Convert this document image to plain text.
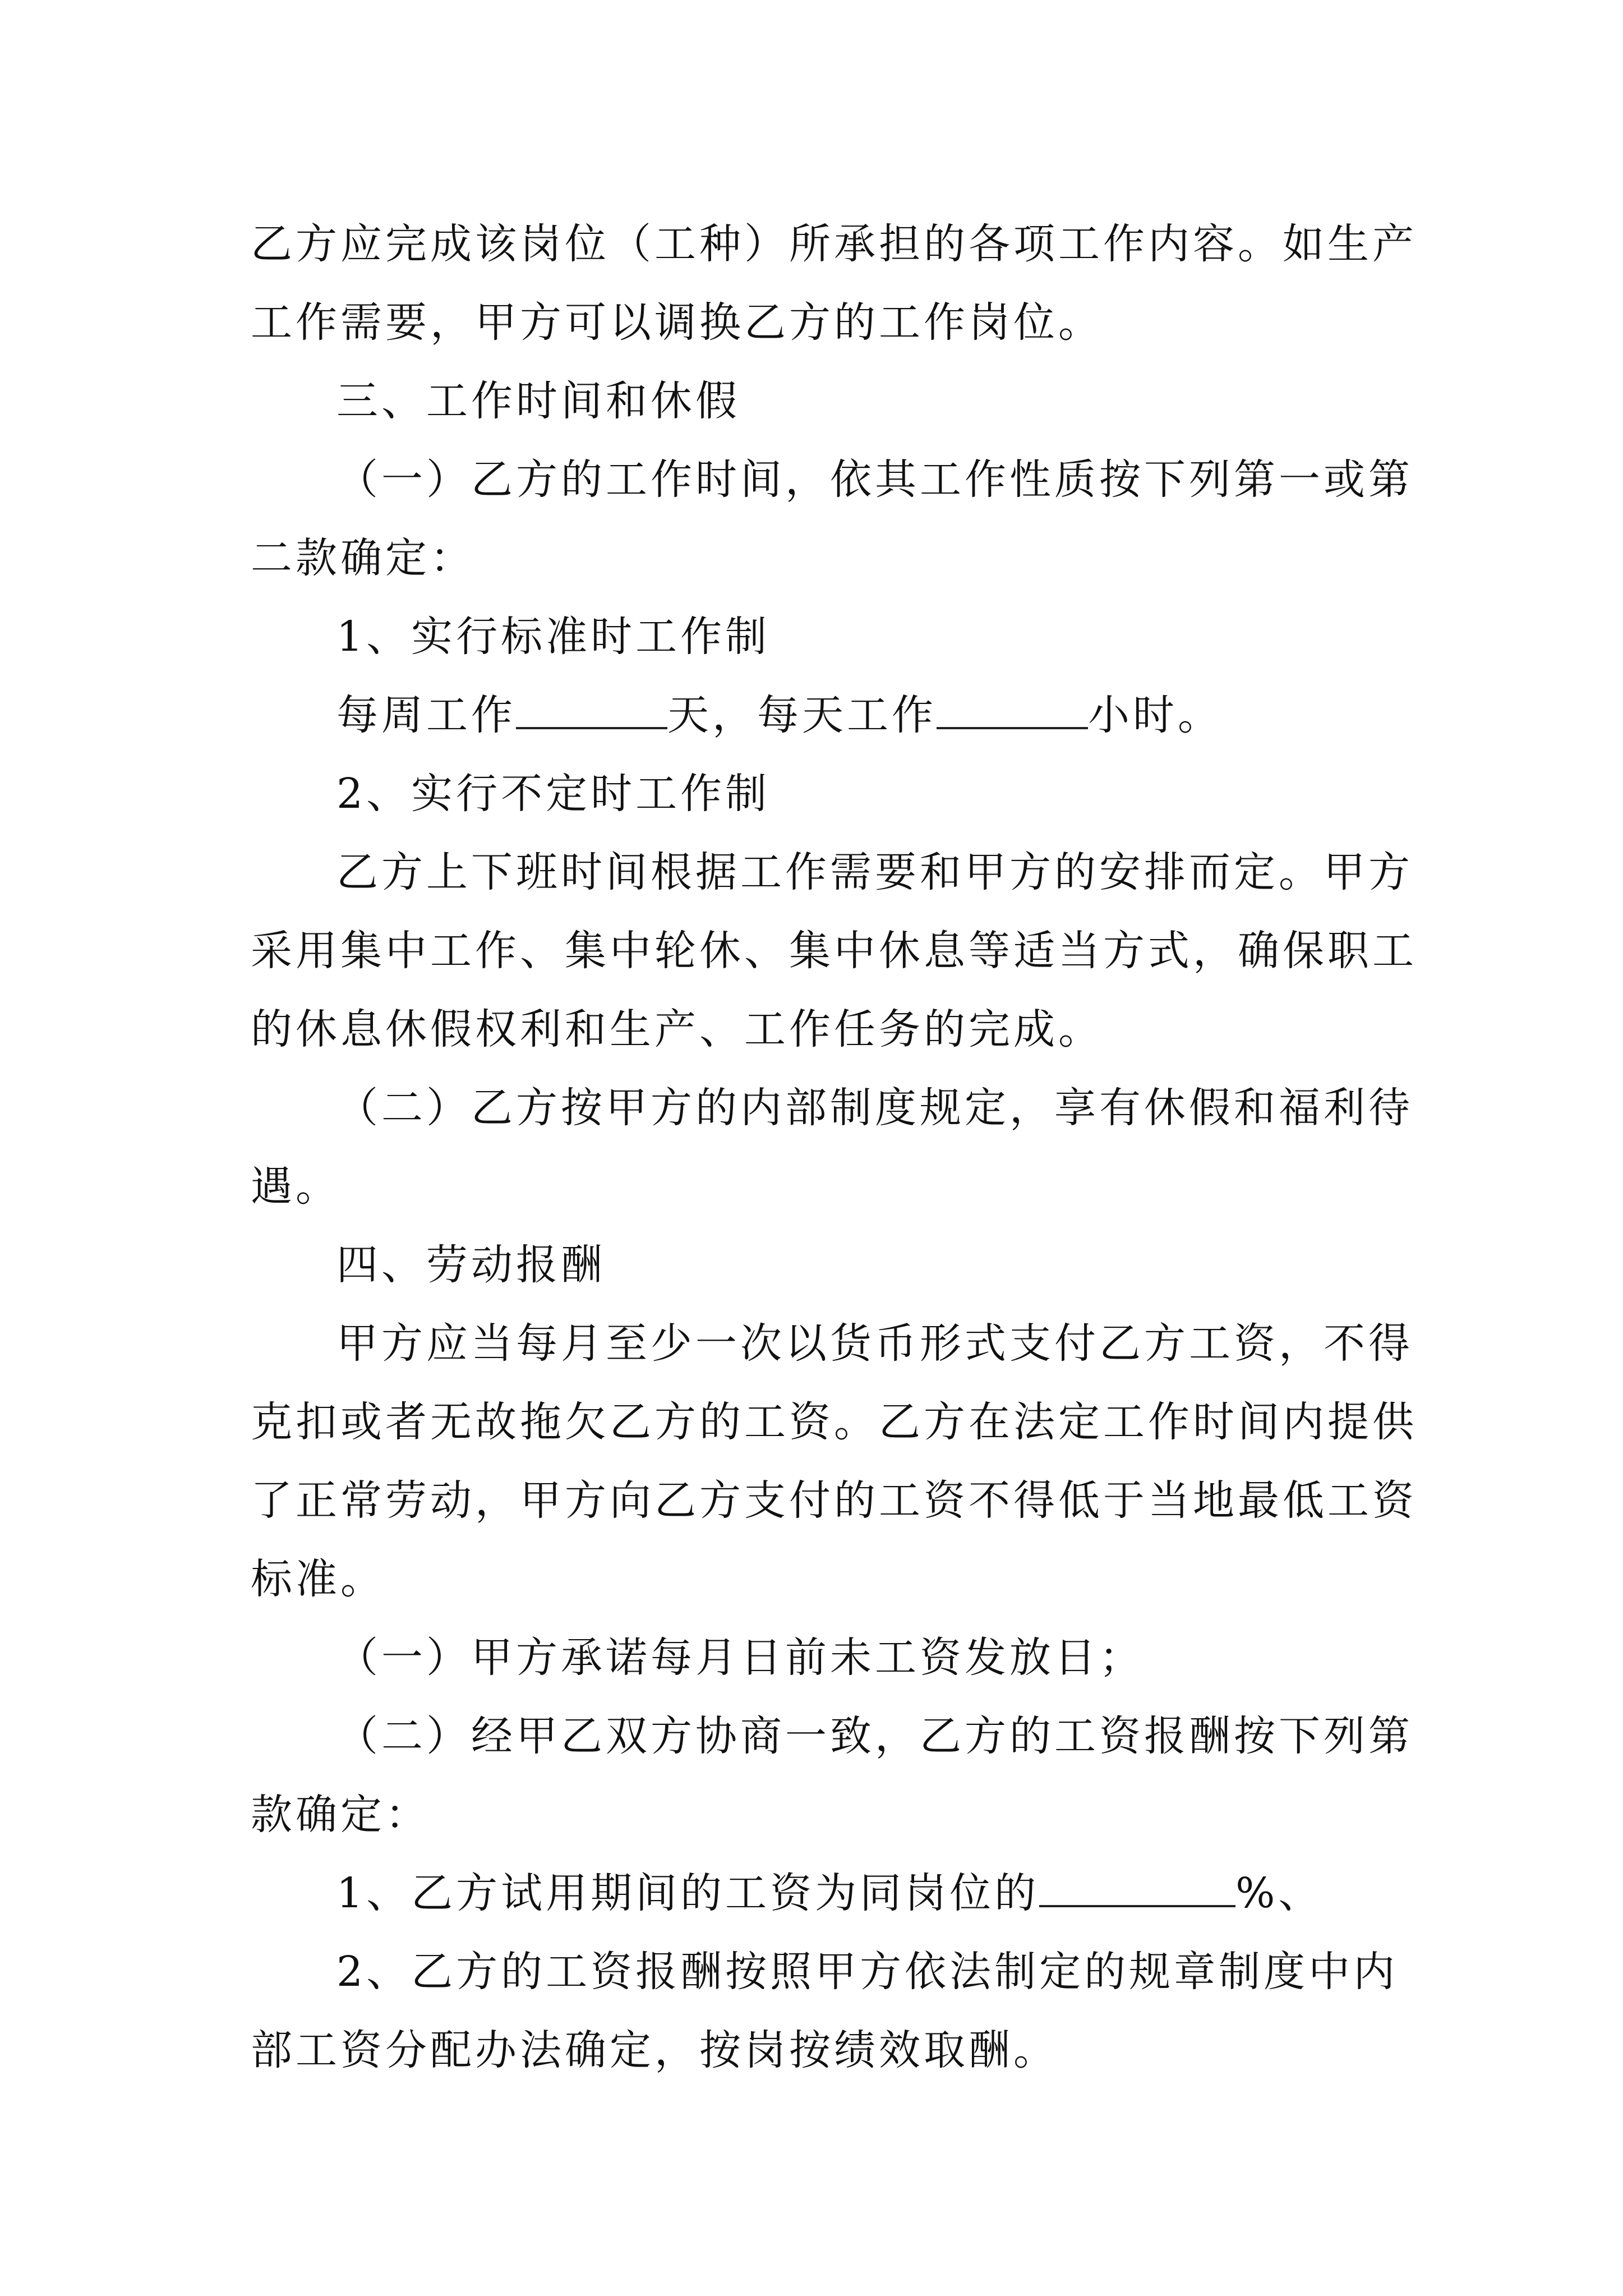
乙方应完成该岗位（工种）所承担的各项工作内容。如生产
工作需要，甲方可以调换乙方的工作岗位。
三、工作时间和休假
（一）乙方的工作时间，依其工作性质按下列第一或第
二款确定：
1、实行标准时工作制
每周工作	天，每天工作	小时。
2、实行不定时工作制
乙方上下班时间根据工作需要和甲方的安排而定。甲方
采用集中工作、集中轮休、集中休息等适当方式，确保职工
的休息休假权利和生产、工作任务的完成。
（二）乙方按甲方的内部制度规定，享有休假和福利待
遇。
四、劳动报酬
甲方应当每月至少一次以货币形式支付乙方工资，不得
克扣或者无故拖欠乙方的工资。乙方在法定工作时间内提供
了正常劳动，甲方向乙方支付的工资不得低于当地最低工资
标准。
（一）甲方承诺每月日前未工资发放日；
（二）经甲乙双方协商一致，乙方的工资报酬按下列第
款确定：
1、乙方试用期间的工资为同岗位的	%、
2、乙方的工资报酬按照甲方依法制定的规章制度中内
部工资分配办法确定，按岗按绩效取酬。
